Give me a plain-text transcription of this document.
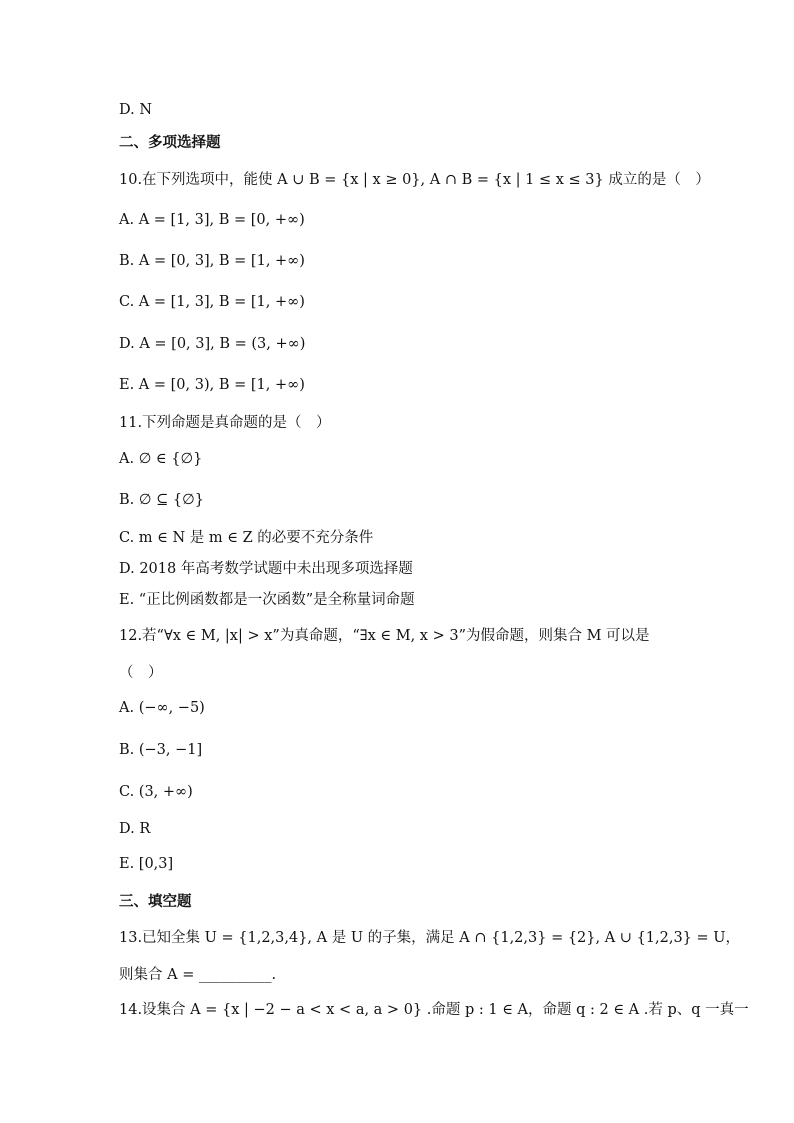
D. N
二、多项选择题
10.在下列选项中，能使 A ∪ B = {x | x ≥ 0}, A ∩ B = {x | 1 ≤ x ≤ 3} 成立的是（　）
A. A = [1, 3], B = [0, +∞)
B. A = [0, 3], B = [1, +∞)
C. A = [1, 3], B = [1, +∞)
D. A = [0, 3], B = (3, +∞)
E. A = [0, 3), B = [1, +∞)
11.下列命题是真命题的是（　）
A. ∅ ∈ {∅}
B. ∅ ⊆ {∅}
C. m ∈ N 是 m ∈ Z 的必要不充分条件
D. 2018 年高考数学试题中未出现多项选择题
E. “正比例函数都是一次函数”是全称量词命题
12.若“∀x ∈ M, |x| > x”为真命题，“∃x ∈ M, x > 3”为假命题，则集合 M 可以是
（　）
A. (−∞, −5)
B. (−3, −1]
C. (3, +∞)
D. R
E. [0,3]
三、填空题
13.已知全集 U = {1,2,3,4}, A 是 U 的子集，满足 A ∩ {1,2,3} = {2}, A ∪ {1,2,3} = U，
则集合 A = __________.
14.设集合 A = {x | −2 − a < x < a, a > 0} .命题 p : 1 ∈ A，命题 q : 2 ∈ A .若 p、q 一真一
